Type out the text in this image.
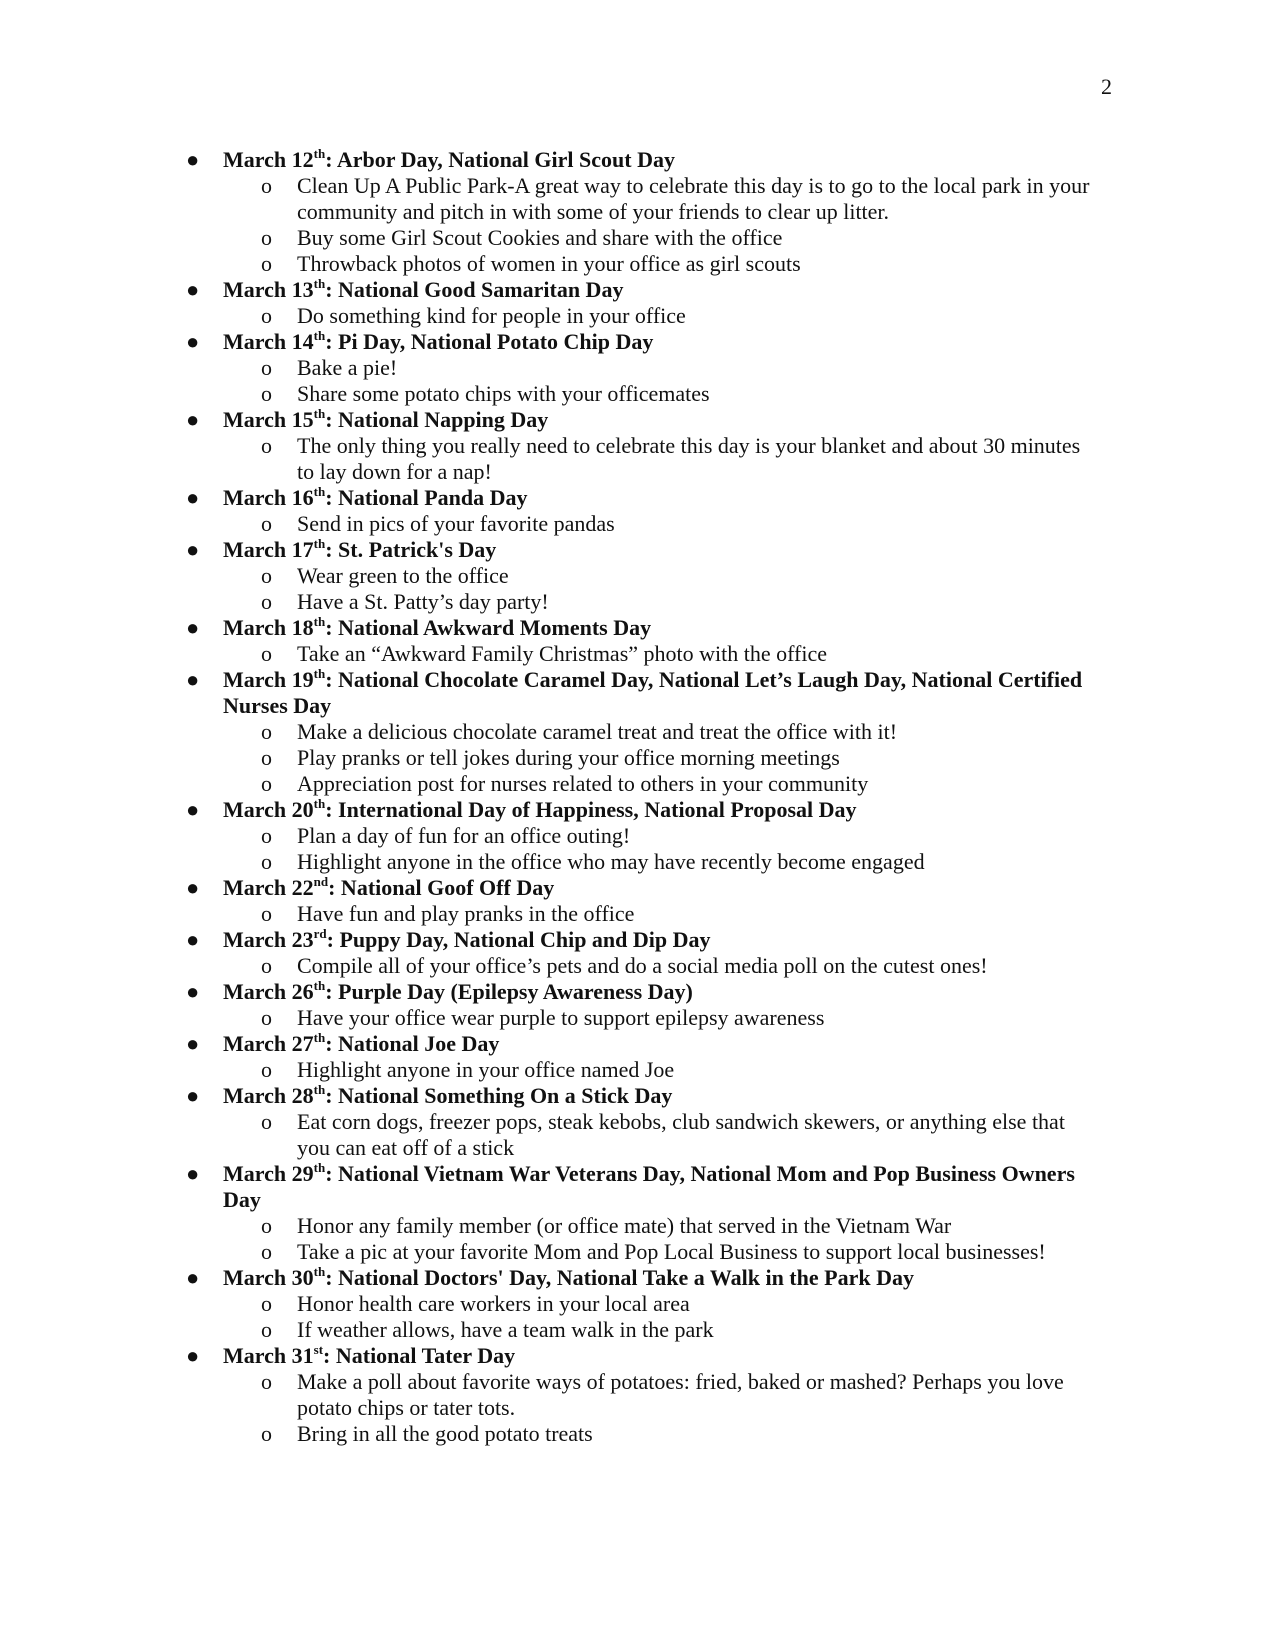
2
● March 12th: Arbor Day, National Girl Scout Day
o Clean Up A Public Park-A great way to celebrate this day is to go to the local park in your community and pitch in with some of your friends to clear up litter.
o Buy some Girl Scout Cookies and share with the office
o Throwback photos of women in your office as girl scouts
● March 13th: National Good Samaritan Day
o Do something kind for people in your office
● March 14th: Pi Day, National Potato Chip Day
o Bake a pie!
o Share some potato chips with your officemates
● March 15th: National Napping Day
o The only thing you really need to celebrate this day is your blanket and about 30 minutes to lay down for a nap!
● March 16th: National Panda Day
o Send in pics of your favorite pandas
● March 17th: St. Patrick's Day
o Wear green to the office
o Have a St. Patty’s day party!
● March 18th: National Awkward Moments Day
o Take an “Awkward Family Christmas” photo with the office
● March 19th: National Chocolate Caramel Day, National Let’s Laugh Day, National Certified Nurses Day
o Make a delicious chocolate caramel treat and treat the office with it!
o Play pranks or tell jokes during your office morning meetings
o Appreciation post for nurses related to others in your community
● March 20th: International Day of Happiness, National Proposal Day
o Plan a day of fun for an office outing!
o Highlight anyone in the office who may have recently become engaged
● March 22nd: National Goof Off Day
o Have fun and play pranks in the office
● March 23rd: Puppy Day, National Chip and Dip Day
o Compile all of your office’s pets and do a social media poll on the cutest ones!
● March 26th: Purple Day (Epilepsy Awareness Day)
o Have your office wear purple to support epilepsy awareness
● March 27th: National Joe Day
o Highlight anyone in your office named Joe
● March 28th: National Something On a Stick Day
o Eat corn dogs, freezer pops, steak kebobs, club sandwich skewers, or anything else that you can eat off of a stick
● March 29th: National Vietnam War Veterans Day, National Mom and Pop Business Owners Day
o Honor any family member (or office mate) that served in the Vietnam War
o Take a pic at your favorite Mom and Pop Local Business to support local businesses!
● March 30th: National Doctors' Day, National Take a Walk in the Park Day
o Honor health care workers in your local area
o If weather allows, have a team walk in the park
● March 31st: National Tater Day
o Make a poll about favorite ways of potatoes: fried, baked or mashed? Perhaps you love potato chips or tater tots.
o Bring in all the good potato treats
